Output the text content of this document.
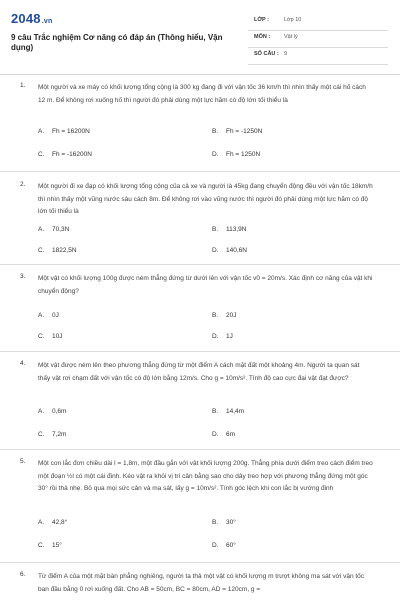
2048.vn
9 câu Trắc nghiệm Cơ năng có đáp án (Thông hiểu, Vận dụng)
LỚP :	Lớp 10
MÔN :	Vật lý
SỐ CÂU : 9
1. Một người và xe máy có khối lượng tổng cộng là 300 kg đang đi với vận tốc 36 km/h thì nhìn thấy một cái hố cách 12 m. Để không rơi xuống hố thì người đó phải dùng một lực hãm có độ lớn tối thiểu là
A. Fh = 16200N	B. Fh = -1250N
C. Fh = -16200N	D. Fh = 1250N
2. Một người đi xe đạp có khối lượng tổng cộng của cả xe và người là 45kg đang chuyển động đều với vận tốc 18km/h thì nhìn thấy một vũng nước sâu cách 8m. Để không rơi vào vũng nước thì người đó phải dùng một lực hãm có độ lớn tối thiểu là
A. 70,3N	B. 113,9N
C. 1822,5N	D. 140,6N
3. Một vật có khối lượng 100g được ném thẳng đứng từ dưới lên với vận tốc v0 = 20m/s. Xác định cơ năng của vật khi chuyển động?
A. 0J	B. 20J
C. 10J	D. 1J
4. Một vật được ném lên theo phương thẳng đứng từ một điểm A cách mặt đất một khoảng 4m. Người ta quan sát thấy vật rơi chạm đất với vận tốc có độ lớn bằng 12m/s. Cho g = 10m/s². Tính độ cao cực đại vật đạt được?
A. 0,6m	B. 14,4m
C. 7,2m	D. 6m
5. Một con lắc đơn chiều dài l = 1,8m, một đầu gắn với vật khối lượng 200g. Thẳng phía dưới điểm treo cách điểm treo một đoạn ½l có một cái đinh. Kéo vật ra khỏi vị trí cân bằng sao cho dây treo hợp với phương thẳng đứng một góc 30° rồi thả nhẹ. Bỏ qua mọi sức cản và ma sát, lấy g = 10m/s². Tính góc lệch khi con lắc bị vướng đinh
A. 42,8°	B. 30°
C. 15°	D. 60°
6. Từ điểm A của một mặt bàn phẳng nghiêng, người ta thả một vật có khối lượng m trượt không ma sát với vận tốc ban đầu bằng 0 rơi xuống đất. Cho AB = 50cm, BC = 80cm, AD = 120cm, g =
